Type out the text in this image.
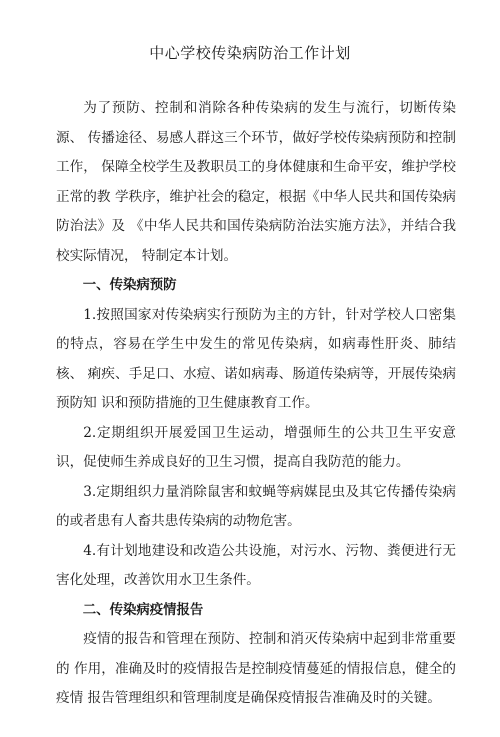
中心学校传染病防治工作计划

为了预防、控制和消除各种传染病的发生与流行，切断传染源、 传播途径、易感人群这三个环节，做好学校传染病预防和控制工作， 保障全校学生及教职员工的身体健康和生命平安，维护学校正常的教 学秩序，维护社会的稳定，根据《中华人民共和国传染病防治法》及 《中华人民共和国传染病防治法实施方法》，并结合我校实际情况， 特制定本计划。

一、传染病预防

1.按照国家对传染病实行预防为主的方针，针对学校人口密集 的特点，容易在学生中发生的常见传染病，如病毒性肝炎、肺结核、 痢疾、手足口、水痘、诺如病毒、肠道传染病等，开展传染病预防知 识和预防措施的卫生健康教育工作。

2.定期组织开展爱国卫生运动，增强师生的公共卫生平安意识，促使师生养成良好的卫生习惯，提高自我防范的能力。

3.定期组织力量消除鼠害和蚊蝇等病媒昆虫及其它传播传染病 的或者患有人畜共患传染病的动物危害。

4.有计划地建设和改造公共设施，对污水、污物、粪便进行无 害化处理，改善饮用水卫生条件。

二、传染病疫情报告

疫情的报告和管理在预防、控制和消灭传染病中起到非常重要的 作用，准确及时的疫情报告是控制疫情蔓延的情报信息，健全的疫情 报告管理组织和管理制度是确保疫情报告准确及时的关键。
